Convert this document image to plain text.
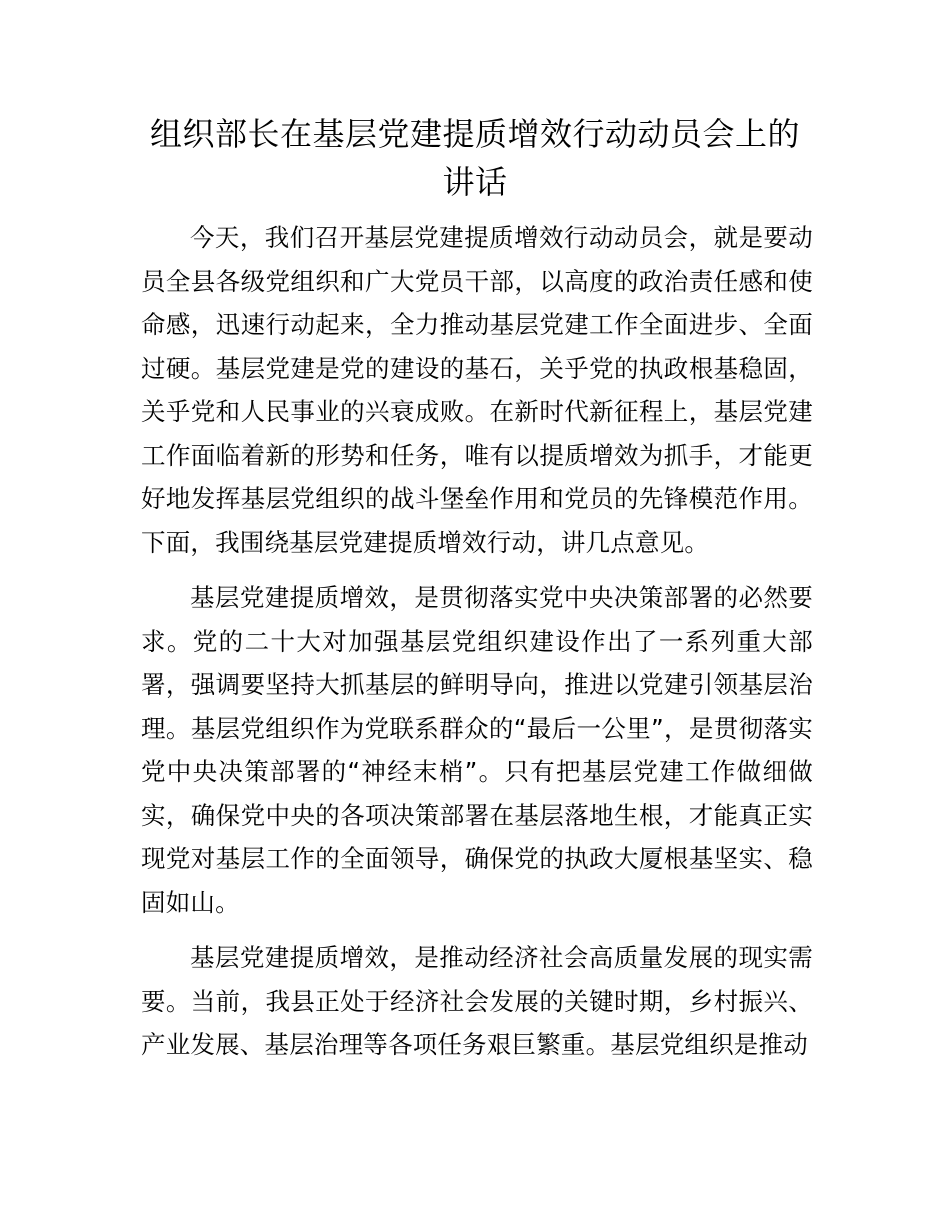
组织部长在基层党建提质增效行动动员会上的讲话

今天，我们召开基层党建提质增效行动动员会，就是要动员全县各级党组织和广大党员干部，以高度的政治责任感和使命感，迅速行动起来，全力推动基层党建工作全面进步、全面过硬。基层党建是党的建设的基石，关乎党的执政根基稳固，关乎党和人民事业的兴衰成败。在新时代新征程上，基层党建工作面临着新的形势和任务，唯有以提质增效为抓手，才能更好地发挥基层党组织的战斗堡垒作用和党员的先锋模范作用。下面，我围绕基层党建提质增效行动，讲几点意见。

基层党建提质增效，是贯彻落实党中央决策部署的必然要求。党的二十大对加强基层党组织建设作出了一系列重大部署，强调要坚持大抓基层的鲜明导向，推进以党建引领基层治理。基层党组织作为党联系群众的“最后一公里”，是贯彻落实党中央决策部署的“神经末梢”。只有把基层党建工作做细做实，确保党中央的各项决策部署在基层落地生根，才能真正实现党对基层工作的全面领导，确保党的执政大厦根基坚实、稳固如山。

基层党建提质增效，是推动经济社会高质量发展的现实需要。当前，我县正处于经济社会发展的关键时期，乡村振兴、产业发展、基层治理等各项任务艰巨繁重。基层党组织是推动
